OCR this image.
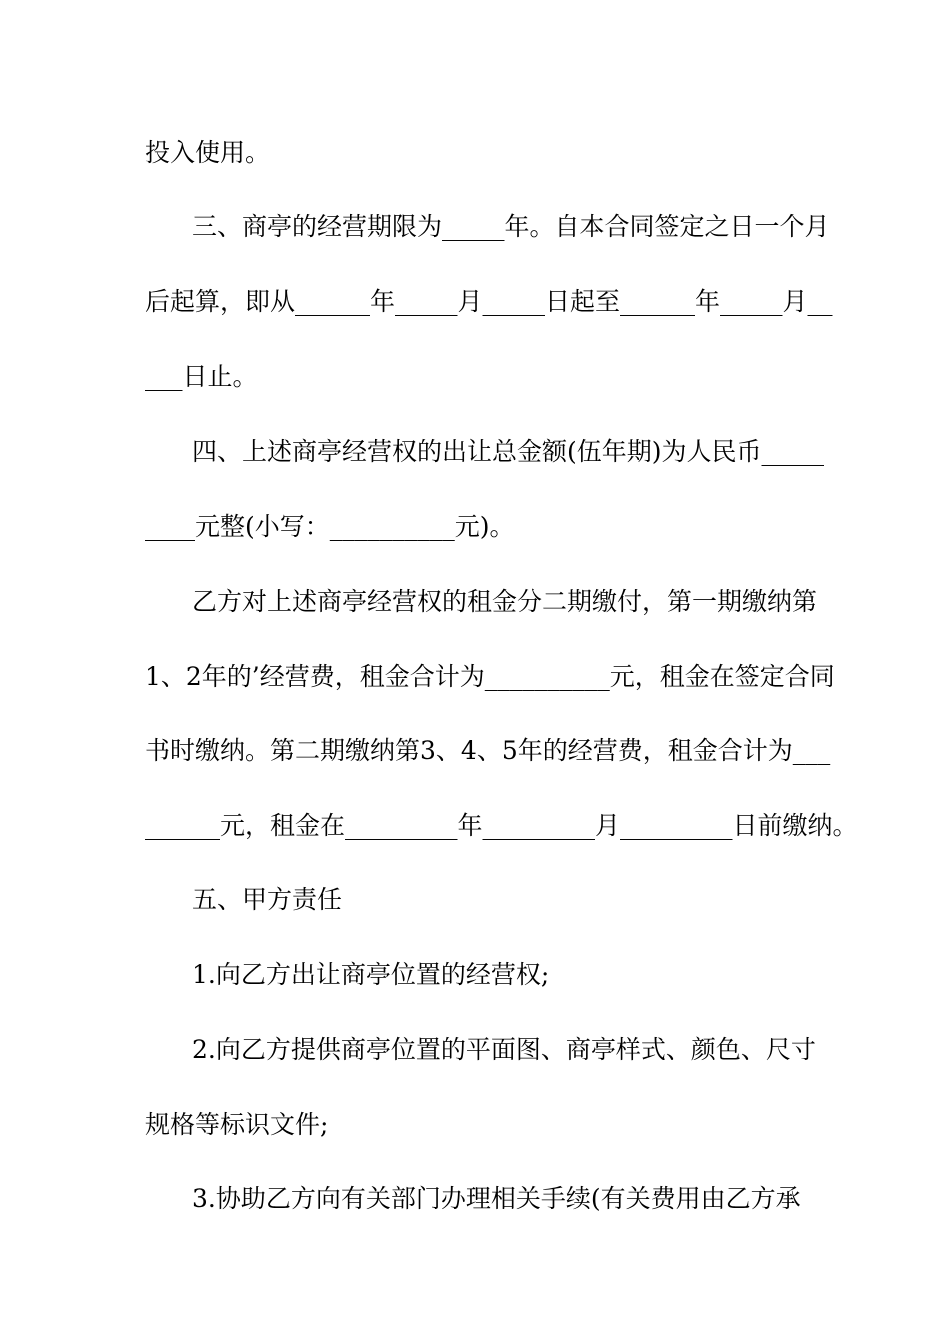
投入使用。
三、商亭的经营期限为_____年。自本合同签定之日一个月
后起算，即从______年_____月_____日起至______年_____月__
___日止。
四、上述商亭经营权的出让总金额(伍年期)为人民币_____
____元整(小写：__________元)。
乙方对上述商亭经营权的租金分二期缴付，第一期缴纳第
1、2年的’经营费，租金合计为__________元，租金在签定合同
书时缴纳。第二期缴纳第3、4、5年的经营费，租金合计为___
______元，租金在_________年_________月_________日前缴纳。
五、甲方责任
1.向乙方出让商亭位置的经营权;
2.向乙方提供商亭位置的平面图、商亭样式、颜色、尺寸
规格等标识文件;
3.协助乙方向有关部门办理相关手续(有关费用由乙方承
